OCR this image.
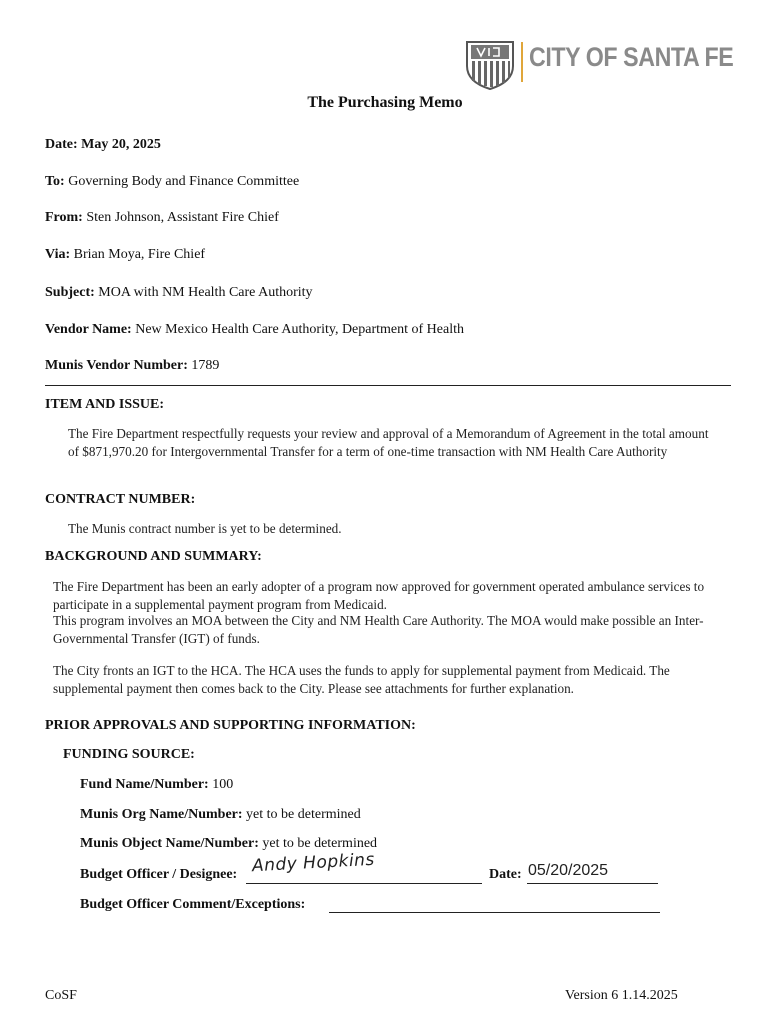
CITY OF SANTA FE
The Purchasing Memo
Date: May 20, 2025
To: Governing Body and Finance Committee
From: Sten Johnson, Assistant Fire Chief
Via: Brian Moya, Fire Chief
Subject: MOA with NM Health Care Authority
Vendor Name: New Mexico Health Care Authority, Department of Health
Munis Vendor Number: 1789
ITEM AND ISSUE:
The Fire Department respectfully requests your review and approval of a Memorandum of Agreement in the total amount of $871,970.20 for Intergovernmental Transfer for a term of one-time transaction with NM Health Care Authority
CONTRACT NUMBER:
The Munis contract number is yet to be determined.
BACKGROUND AND SUMMARY:
The Fire Department has been an early adopter of a program now approved for government operated ambulance services to participate in a supplemental payment program from Medicaid.
This program involves an MOA between the City and NM Health Care Authority. The MOA would make possible an Inter-Governmental Transfer (IGT) of funds.
The City fronts an IGT to the HCA. The HCA uses the funds to apply for supplemental payment from Medicaid. The supplemental payment then comes back to the City. Please see attachments for further explanation.
PRIOR APPROVALS AND SUPPORTING INFORMATION:
FUNDING SOURCE:
Fund Name/Number: 100
Munis Org Name/Number: yet to be determined
Munis Object Name/Number: yet to be determined
Budget Officer / Designee: Andy Hopkins	Date: 05/20/2025
Budget Officer Comment/Exceptions:
CoSF	Version 6 1.14.2025
